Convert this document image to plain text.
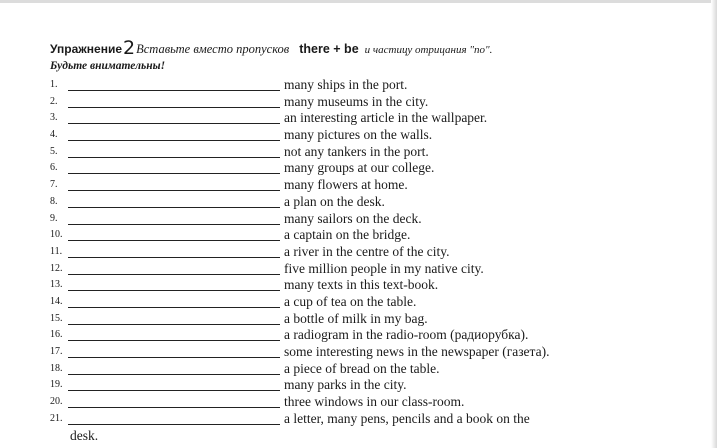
Упражнение2Вставьте вместо пропусков there + be и частицу отрицания "no".
Будьте внимательны!
1.	many ships in the port.
2.	many museums in the city.
3.	an interesting article in the wallpaper.
4.	many pictures on the walls.
5.	not any tankers in the port.
6.	many groups at our college.
7.	many flowers at home.
8.	a plan on the desk.
9.	many sailors on the deck.
10.	a captain on the bridge.
11.	a river in the centre of the city.
12.	five million people in my native city.
13.	many texts in this text-book.
14.	a cup of tea on the table.
15.	a bottle of milk in my bag.
16.	a radiogram in the radio-room (радиорубка).
17.	some interesting news in the newspaper (газета).
18.	a piece of bread on the table.
19.	many parks in the city.
20.	three windows in our class-room.
21.	a letter, many pens, pencils and a book on the
desk.
